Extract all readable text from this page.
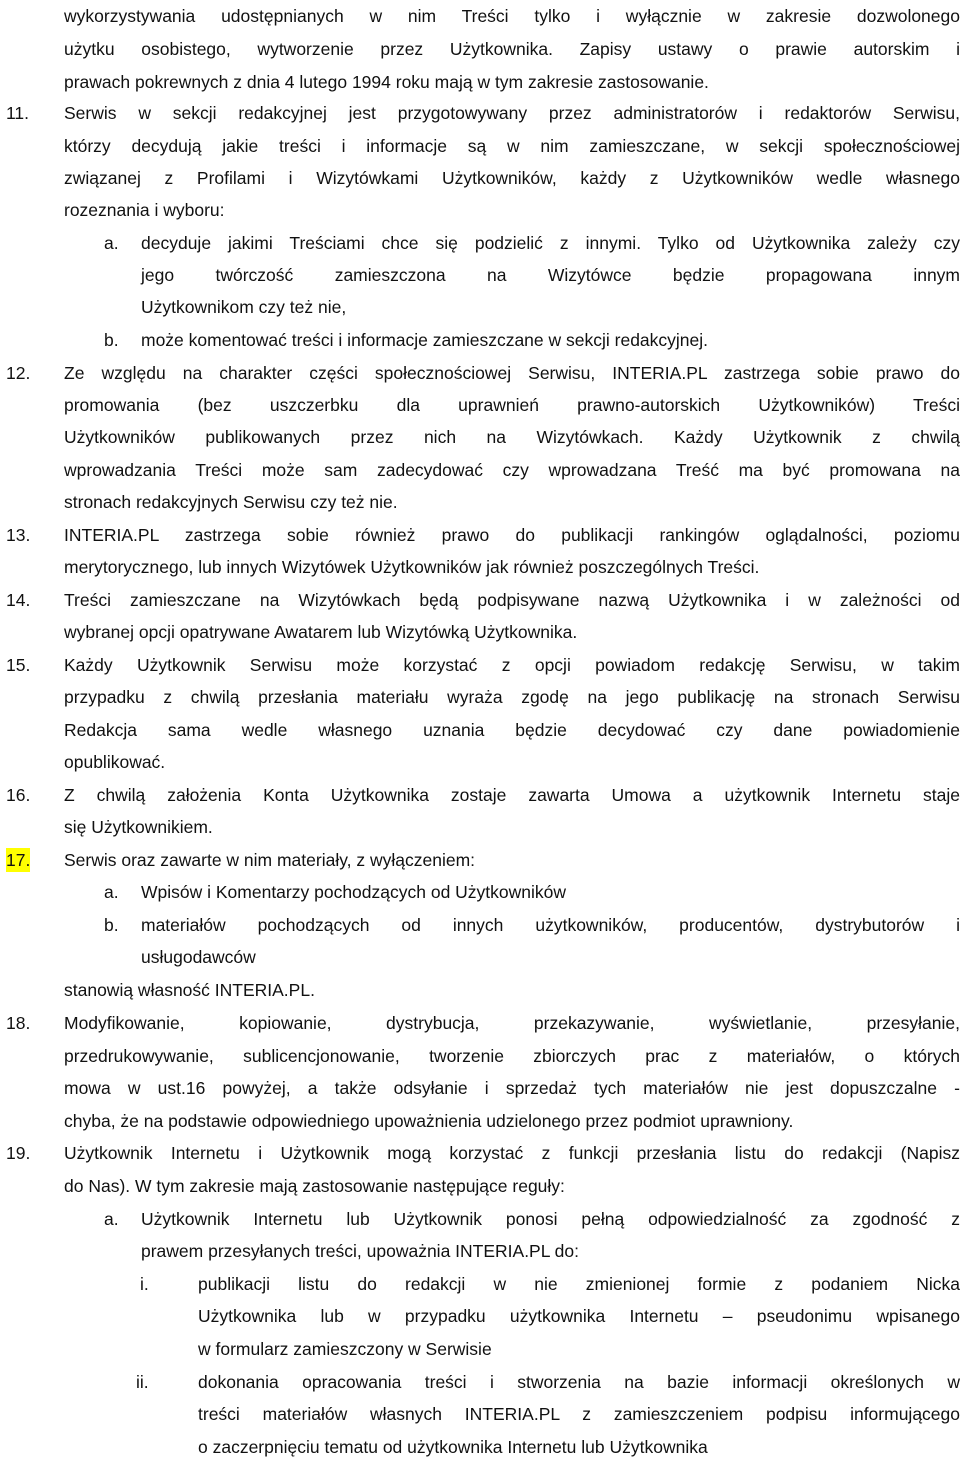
wykorzystywania udostępnianych w nim Treści tylko i wyłącznie w zakresie dozwolonego
użytku osobistego, wytworzenie przez Użytkownika. Zapisy ustawy o prawie autorskim i
prawach pokrewnych z dnia 4 lutego 1994 roku mają w tym zakresie zastosowanie.
Serwis w sekcji redakcyjnej jest przygotowywany przez administratorów i redaktorów Serwisu,
którzy decydują jakie treści i informacje są w nim zamieszczane, w sekcji społecznościowej
związanej z Profilami i Wizytówkami Użytkowników, każdy z Użytkowników wedle własnego
rozeznania i wyboru:
decyduje jakimi Treściami chce się podzielić z innymi. Tylko od Użytkownika zależy czy
jego twórczość zamieszczona na Wizytówce będzie propagowana innym
Użytkownikom czy też nie,
może komentować treści i informacje zamieszczane w sekcji redakcyjnej.
Ze względu na charakter części społecznościowej Serwisu, INTERIA.PL zastrzega sobie prawo do
promowania (bez uszczerbku dla uprawnień prawno-autorskich Użytkowników) Treści
Użytkowników publikowanych przez nich na Wizytówkach. Każdy Użytkownik z chwilą
wprowadzania Treści może sam zadecydować czy wprowadzana Treść ma być promowana na
stronach redakcyjnych Serwisu czy też nie.
INTERIA.PL zastrzega sobie również prawo do publikacji rankingów oglądalności, poziomu
merytorycznego, lub innych Wizytówek Użytkowników jak również poszczególnych Treści.
Treści zamieszczane na Wizytówkach będą podpisywane nazwą Użytkownika i w zależności od
wybranej opcji opatrywane Awatarem lub Wizytówką Użytkownika.
Każdy Użytkownik Serwisu może korzystać z opcji powiadom redakcję Serwisu, w takim
przypadku z chwilą przesłania materiału wyraża zgodę na jego publikację na stronach Serwisu
Redakcja sama wedle własnego uznania będzie decydować czy dane powiadomienie
opublikować.
Z chwilą założenia Konta Użytkownika zostaje zawarta Umowa a użytkownik Internetu staje
się Użytkownikiem.
Serwis oraz zawarte w nim materiały, z wyłączeniem:
Wpisów i Komentarzy pochodzących od Użytkowników
materiałów pochodzących od innych użytkowników, producentów, dystrybutorów i
usługodawców
stanowią własność INTERIA.PL.
Modyfikowanie, kopiowanie, dystrybucja, przekazywanie, wyświetlanie, przesyłanie,
przedrukowywanie, sublicencjonowanie, tworzenie zbiorczych prac z materiałów, o których
mowa w ust.16 powyżej, a także odsyłanie i sprzedaż tych materiałów nie jest dopuszczalne -
chyba, że na podstawie odpowiedniego upoważnienia udzielonego przez podmiot uprawniony.
Użytkownik Internetu i Użytkownik mogą korzystać z funkcji przesłania listu do redakcji (Napisz
do Nas). W tym zakresie mają zastosowanie następujące reguły:
Użytkownik Internetu lub Użytkownik ponosi pełną odpowiedzialność za zgodność z
prawem przesyłanych treści, upoważnia INTERIA.PL do:
publikacji listu do redakcji w nie zmienionej formie z podaniem Nicka
Użytkownika lub w przypadku użytkownika Internetu – pseudonimu wpisanego
w formularz zamieszczony w Serwisie
dokonania opracowania treści i stworzenia na bazie informacji określonych w
treści materiałów własnych INTERIA.PL z zamieszczeniem podpisu informującego
o zaczerpnięciu tematu od użytkownika Internetu lub Użytkownika
11.
12.
13.
14.
15.
16.
17.
18.
19.
a.
b.
a.
b.
a.
i.
ii.
